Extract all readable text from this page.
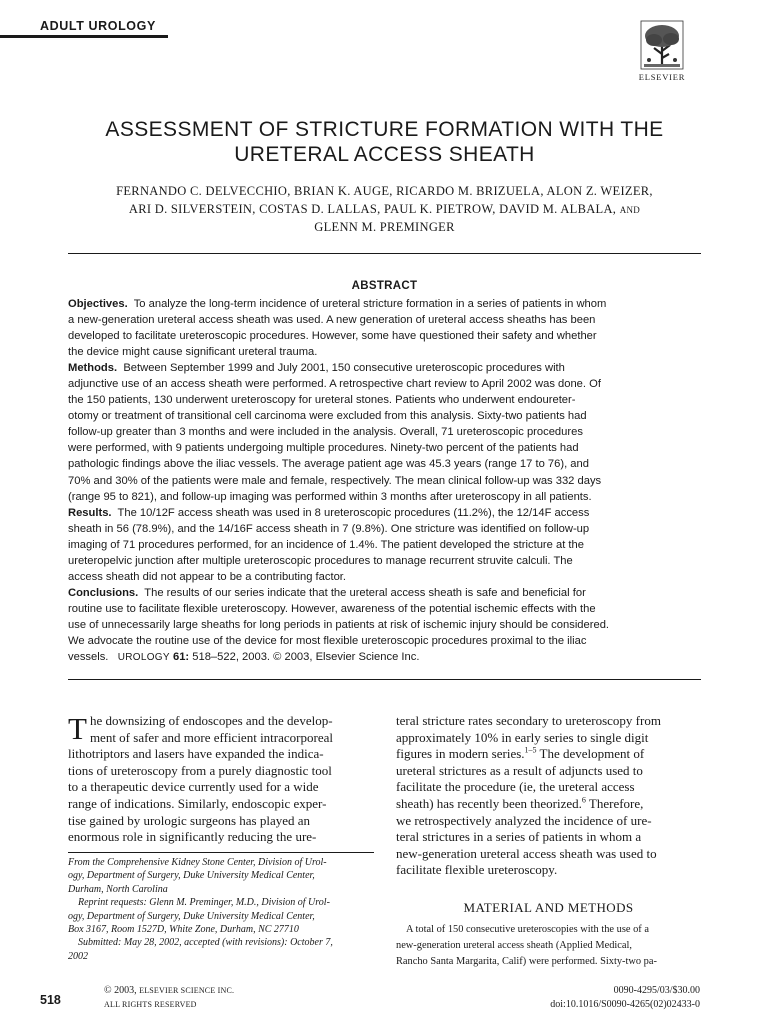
ADULT UROLOGY
ELSEVIER
ASSESSMENT OF STRICTURE FORMATION WITH THE
URETERAL ACCESS SHEATH
FERNANDO C. DELVECCHIO, BRIAN K. AUGE, RICARDO M. BRIZUELA, ALON Z. WEIZER,
ARI D. SILVERSTEIN, COSTAS D. LALLAS, PAUL K. PIETROW, DAVID M. ALBALA, AND
GLENN M. PREMINGER
ABSTRACT
Objectives. To analyze the long-term incidence of ureteral stricture formation in a series of patients in whom
a new-generation ureteral access sheath was used. A new generation of ureteral access sheaths has been
developed to facilitate ureteroscopic procedures. However, some have questioned their safety and whether
the device might cause significant ureteral trauma.
Methods. Between September 1999 and July 2001, 150 consecutive ureteroscopic procedures with
adjunctive use of an access sheath were performed. A retrospective chart review to April 2002 was done. Of
the 150 patients, 130 underwent ureteroscopy for ureteral stones. Patients who underwent endoureter-
otomy or treatment of transitional cell carcinoma were excluded from this analysis. Sixty-two patients had
follow-up greater than 3 months and were included in the analysis. Overall, 71 ureteroscopic procedures
were performed, with 9 patients undergoing multiple procedures. Ninety-two percent of the patients had
pathologic findings above the iliac vessels. The average patient age was 45.3 years (range 17 to 76), and
70% and 30% of the patients were male and female, respectively. The mean clinical follow-up was 332 days
(range 95 to 821), and follow-up imaging was performed within 3 months after ureteroscopy in all patients.
Results. The 10/12F access sheath was used in 8 ureteroscopic procedures (11.2%), the 12/14F access
sheath in 56 (78.9%), and the 14/16F access sheath in 7 (9.8%). One stricture was identified on follow-up
imaging of 71 procedures performed, for an incidence of 1.4%. The patient developed the stricture at the
ureteropelvic junction after multiple ureteroscopic procedures to manage recurrent struvite calculi. The
access sheath did not appear to be a contributing factor.
Conclusions. The results of our series indicate that the ureteral access sheath is safe and beneficial for
routine use to facilitate flexible ureteroscopy. However, awareness of the potential ischemic effects with the
use of unnecessarily large sheaths for long periods in patients at risk of ischemic injury should be considered.
We advocate the routine use of the device for most flexible ureteroscopic procedures proximal to the iliac
vessels. UROLOGY 61: 518–522, 2003. © 2003, Elsevier Science Inc.
T he downsizing of endoscopes and the develop-
ment of safer and more efficient intracorporeal
lithotriptors and lasers have expanded the indica-
tions of ureteroscopy from a purely diagnostic tool
to a therapeutic device currently used for a wide
range of indications. Similarly, endoscopic exper-
tise gained by urologic surgeons has played an
enormous role in significantly reducing the ure-
From the Comprehensive Kidney Stone Center, Division of Urol-
ogy, Department of Surgery, Duke University Medical Center,
Durham, North Carolina
Reprint requests: Glenn M. Preminger, M.D., Division of Urol-
ogy, Department of Surgery, Duke University Medical Center,
Box 3167, Room 1527D, White Zone, Durham, NC 27710
Submitted: May 28, 2002, accepted (with revisions): October 7,
2002
teral stricture rates secondary to ureteroscopy from
approximately 10% in early series to single digit
figures in modern series.$^{1-5}$ The development of
ureteral strictures as a result of adjuncts used to
facilitate the procedure (ie, the ureteral access
sheath) has recently been theorized.$^6$ Therefore,
we retrospectively analyzed the incidence of ure-
teral strictures in a series of patients in whom a
new-generation ureteral access sheath was used to
facilitate flexible ureteroscopy.
MATERIAL AND METHODS
A total of 150 consecutive ureteroscopies with the use of a
new-generation ureteral access sheath (Applied Medical,
Rancho Santa Margarita, Calif) were performed. Sixty-two pa-
518
© 2003, ELSEVIER SCIENCE INC.
ALL RIGHTS RESERVED
0090-4295/03/$30.00
doi:10.1016/S0090-4265(02)02433-0
